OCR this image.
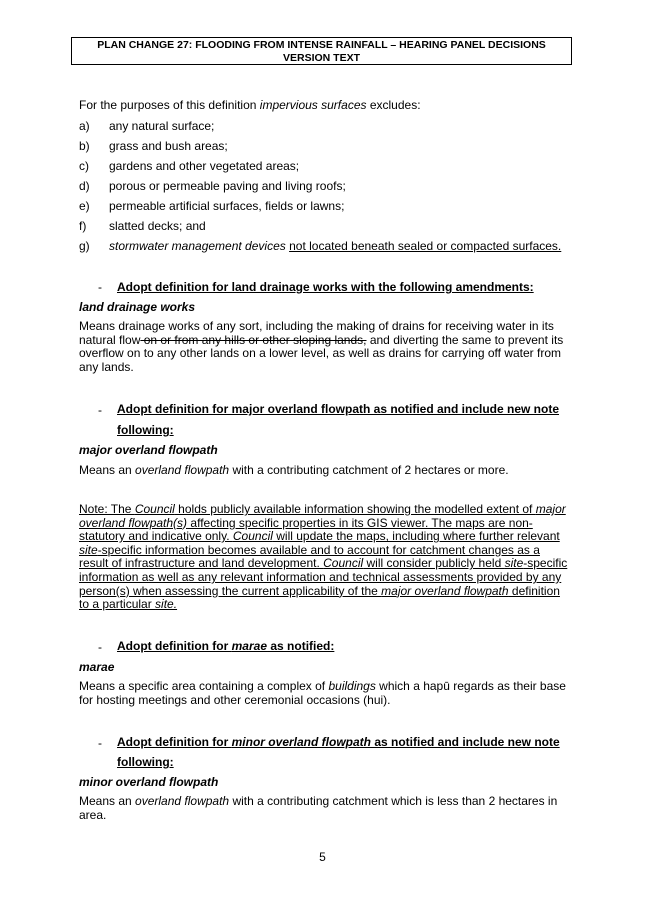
PLAN CHANGE 27: FLOODING FROM INTENSE RAINFALL – HEARING PANEL DECISIONS
VERSION TEXT
For the purposes of this definition impervious surfaces excludes:
a) any natural surface;
b) grass and bush areas;
c) gardens and other vegetated areas;
d) porous or permeable paving and living roofs;
e) permeable artificial surfaces, fields or lawns;
f) slatted decks; and
g) stormwater management devices not located beneath sealed or compacted surfaces.
- Adopt definition for land drainage works with the following amendments:
land drainage works
Means drainage works of any sort, including the making of drains for receiving water in its
natural flow on or from any hills or other sloping lands, and diverting the same to prevent its
overflow on to any other lands on a lower level, as well as drains for carrying off water from
any lands.
- Adopt definition for major overland flowpath as notified and include new note
following:
major overland flowpath
Means an overland flowpath with a contributing catchment of 2 hectares or more.
Note: The Council holds publicly available information showing the modelled extent of major
overland flowpath(s) affecting specific properties in its GIS viewer. The maps are non-
statutory and indicative only. Council will update the maps, including where further relevant
site-specific information becomes available and to account for catchment changes as a
result of infrastructure and land development. Council will consider publicly held site-specific
information as well as any relevant information and technical assessments provided by any
person(s) when assessing the current applicability of the major overland flowpath definition
to a particular site.
- Adopt definition for marae as notified:
marae
Means a specific area containing a complex of buildings which a hapū regards as their base
for hosting meetings and other ceremonial occasions (hui).
- Adopt definition for minor overland flowpath as notified and include new note
following:
minor overland flowpath
Means an overland flowpath with a contributing catchment which is less than 2 hectares in
area.
5
